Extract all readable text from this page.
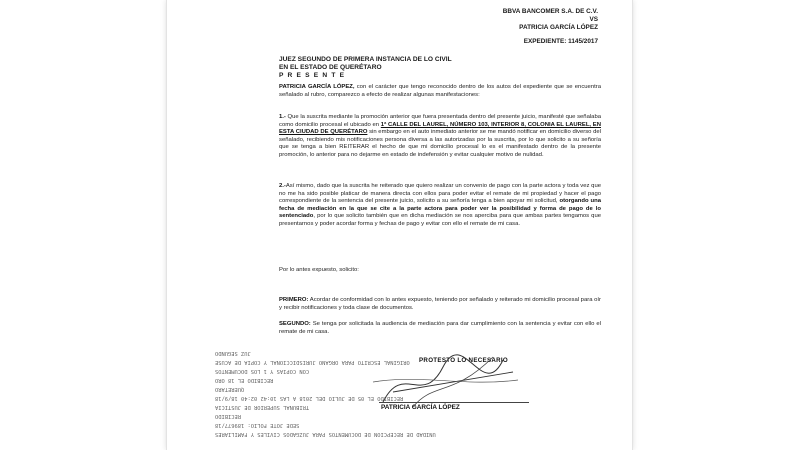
BBVA BANCOMER S.A. DE C.V.
VS
PATRICIA GARCÍA LÓPEZ
EXPEDIENTE: 1145/2017
JUEZ SEGUNDO DE PRIMERA INSTANCIA DE LO CIVIL
EN EL ESTADO DE QUERÉTARO
P R E S E N T E

PATRICIA GARCÍA LÓPEZ, con el carácter que tengo reconocido dentro de los autos del expediente que se encuentra señalado al rubro, comparezco a efecto de realizar algunas manifestaciones:

1.- Que la suscrita mediante la promoción anterior que fuera presentada dentro del presente juicio, manifesté que señalaba como domicilio procesal el ubicado en 1ª CALLE DEL LAUREL, NÚMERO 103, INTERIOR 8, COLONIA EL LAUREL, EN ESTA CIUDAD DE QUERÉTARO sin embargo en el auto inmediato anterior se me mandó notificar en domicilio diverso del señalado, recibiendo mis notificaciones persona diversa a las autorizadas por la suscrita, por lo que solicito a su señoría que se tenga a bien REITERAR el hecho de que mi domicilio procesal lo es el manifestado dentro de la presente promoción, lo anterior para no dejarme en estado de indefensión y evitar cualquier motivo de nulidad.

2.-Así mismo, dado que la suscrita he reiterado que quiero realizar un convenio de pago con la parte actora y toda vez que no me ha sido posible platicar de manera directa con ellos para poder evitar el remate de mi propiedad y hacer el pago correspondiente de la sentencia del presente juicio, solicito a su señoría tenga a bien apoyar mi solicitud, otorgando una fecha de mediación en la que se cite a la parte actora para poder ver la posibilidad y forma de pago de lo sentenciado, por lo que solicito también que en dicha mediación se nos aperciba para que ambas partes tengamos que presentarnos y poder acordar forma y fechas de pago y evitar con ello el remate de mi casa.

Por lo antes expuesto, solicito:

PRIMERO: Acordar de conformidad con lo antes expuesto, teniendo por señalado y reiterado mi domicilio procesal para oír y recibir notificaciones y toda clase de documentos.

SEGUNDO: Se tenga por solicitada la audiencia de mediación para dar cumplimiento con la sentencia y evitar con ello el remate de mi casa.

JUZ SEGUNDO
ORIGINAL ESCRITO PARA ORGANO JURISDICCIONAL Y COPIA DE ACUSE
CON COPIAS Y 1 LOS DOCUMENTOS
RECIBIDO EL 18 ORO
QUERETARO
RECIBIDO EL 05 DE JULIO DEL 2018 A LAS 10:42 02:40 18/9/18
TRIBUNAL SUPERIOR DE JUSTICIA
RECIBIDO
SEDE JOTE FOLIO: 189677/18
UNIDAD DE RECEPCION DE DOCUMENTOS PARA JUZGADOS CIVILES Y FAMILIARES
PROTESTO LO NECESARIO
PATRICIA GARCÍA LÓPEZ
